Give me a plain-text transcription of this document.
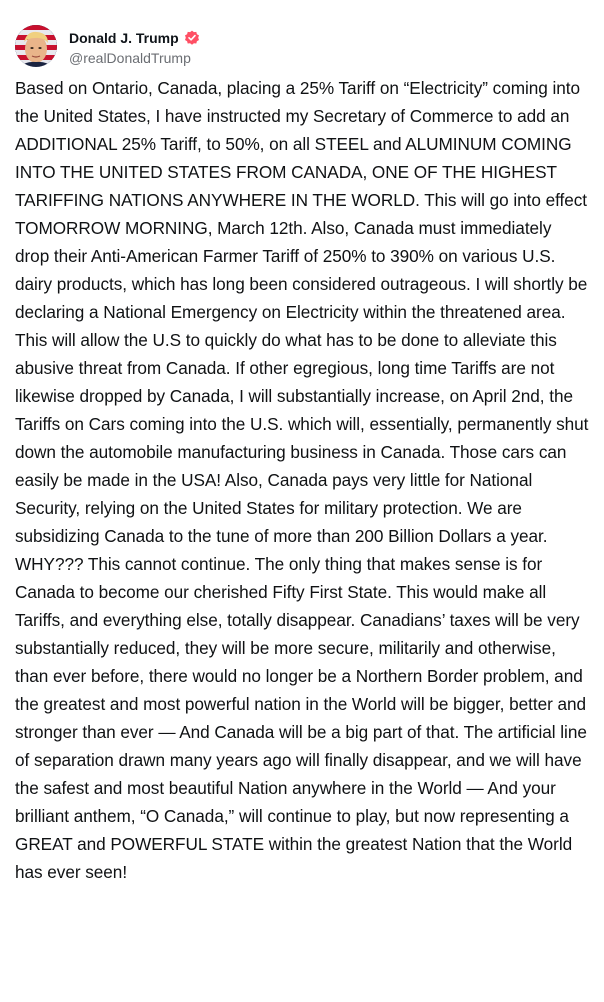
Donald J. Trump
@realDonaldTrump

Based on Ontario, Canada, placing a 25% Tariff on “Electricity” coming into the United States, I have instructed my Secretary of Commerce to add an ADDITIONAL 25% Tariff, to 50%, on all STEEL and ALUMINUM COMING INTO THE UNITED STATES FROM CANADA, ONE OF THE HIGHEST TARIFFING NATIONS ANYWHERE IN THE WORLD. This will go into effect TOMORROW MORNING, March 12th. Also, Canada must immediately drop their Anti-American Farmer Tariff of 250% to 390% on various U.S. dairy products, which has long been considered outrageous. I will shortly be declaring a National Emergency on Electricity within the threatened area. This will allow the U.S to quickly do what has to be done to alleviate this abusive threat from Canada. If other egregious, long time Tariffs are not likewise dropped by Canada, I will substantially increase, on April 2nd, the Tariffs on Cars coming into the U.S. which will, essentially, permanently shut down the automobile manufacturing business in Canada. Those cars can easily be made in the USA! Also, Canada pays very little for National Security, relying on the United States for military protection. We are subsidizing Canada to the tune of more than 200 Billion Dollars a year. WHY??? This cannot continue. The only thing that makes sense is for Canada to become our cherished Fifty First State. This would make all Tariffs, and everything else, totally disappear. Canadians’ taxes will be very substantially reduced, they will be more secure, militarily and otherwise, than ever before, there would no longer be a Northern Border problem, and the greatest and most powerful nation in the World will be bigger, better and stronger than ever — And Canada will be a big part of that. The artificial line of separation drawn many years ago will finally disappear, and we will have the safest and most beautiful Nation anywhere in the World — And your brilliant anthem, “O Canada,” will continue to play, but now representing a GREAT and POWERFUL STATE within the greatest Nation that the World has ever seen!
